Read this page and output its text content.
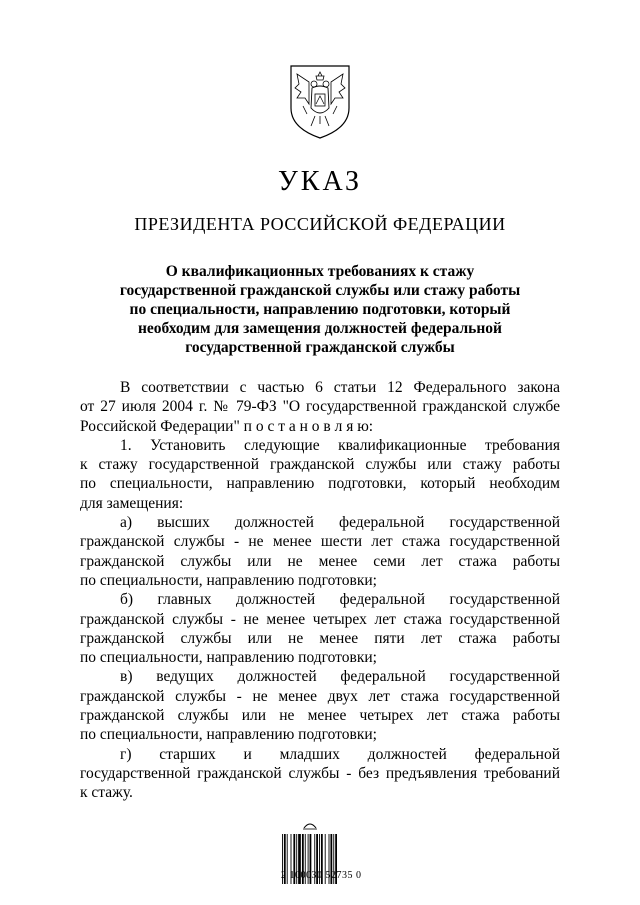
УКАЗ
ПРЕЗИДЕНТА РОССИЙСКОЙ ФЕДЕРАЦИИ
О квалификационных требованиях к стажу
государственной гражданской службы или стажу работы
по специальности, направлению подготовки, который
необходим для замещения должностей федеральной
государственной гражданской службы
В соответствии с частью 6 статьи 12 Федерального закона
от 27 июля 2004 г. № 79-ФЗ "О государственной гражданской службе
Российской Федерации" п о с т а н о в л я ю:
1. Установить следующие квалификационные требования
к стажу государственной гражданской службы или стажу работы
по специальности, направлению подготовки, который необходим
для замещения:
а) высших должностей федеральной государственной
гражданской службы - не менее шести лет стажа государственной
гражданской службы или не менее семи лет стажа работы
по специальности, направлению подготовки;
б) главных должностей федеральной государственной
гражданской службы - не менее четырех лет стажа государственной
гражданской службы или не менее пяти лет стажа работы
по специальности, направлению подготовки;
в) ведущих должностей федеральной государственной
гражданской службы - не менее двух лет стажа государственной
гражданской службы или не менее четырех лет стажа работы
по специальности, направлению подготовки;
г) старших и младших должностей федеральной
государственной гражданской службы - без предъявления требований
к стажу.
2 100030 52735 0
